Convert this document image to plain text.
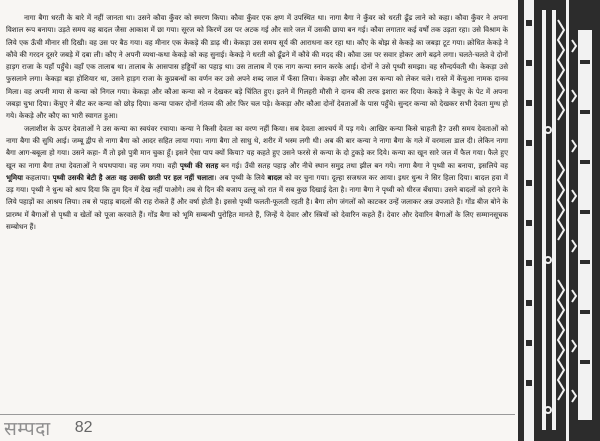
नागा बैगा धरती के बारे में नहीं जानता था। उसने कौवा कुँवर को स्मरण किया। कौवा कुँवर एक क्षण में उपस्थित था। नागा बैगा ने कुँवर को धरती ढूँढ लाने को कहा। कौवा कुँवर ने अपना विशाल रूप बनाया। उड़ते समय वह बादल जैसा आकाश में छा गया। सूरज को किरणें उस पर अटक गई और सारे जल में उसकी छाया बन गई। कौवा लगातार कई वर्षों तक उड़ता रहा। उसे विश्राम के लिये एक ऊँची मीनार सी दिखी। वह उस पर बैठ गया। वह मीनार एक केकड़े की डाढ़ थी। केकड़ा उस समय सूर्य की आराधना कर रहा था। कौए के बोझ से केकड़े का जबड़ा टूट गया। क्रोधित केकड़े ने कौवे की गरदन दूसरे जबड़े में दबा ली। कौए ने अपनी व्यथा-कथा केकड़े को कह सुनाई। केकड़े ने धरती को ढूँढने में कौवे की मदद की। कौवा उस पर सवार होकर आगे बढ़ने लगा। चलते-चलते वे दोनों हाड़ग राजा के यहाँ पहुँचे। वहाँ एक तालाब था। तालाब के आसपास हड्डियों का पहाड़ था। उस तालाब में एक नाग कन्या स्नान करके आई। दोनों ने उसे पृथ्वी समझा। वह सौन्दर्यवती थी। केकड़ा उसे फुसलाने लगा। केकड़ा बड़ा होशियार था, उसने हाड़ग राजा के कुप्रबन्धों का वर्णन कर उसे अपने शब्द जाल में फँसा लिया। केकड़ा और कौआ उस कन्या को लेकर चले। रास्ते में केंचुआ नामक दानव मिला। वह अपनी माया से कन्या को निगल गया। केकड़ा और कौआ कन्या को न देखकर बड़े चिंतित हुए। इतने में गिलहरी मौसी ने दानव की तरफ इशारा कर दिया। केकड़े ने केंचुए के पेट में अपना जबड़ा चुभा दिया। केंचुए ने बीट कर कन्या को छोड़ दिया। कन्या पाकर दोनों गंतव्य की ओर फिर चल पड़े। केकड़ा और कौआ दोनों देवताओं के पास पहुँचे। सुन्दर कन्या को देखकर सभी देवता मुग्ध हो गये। केकड़े और कौए का भारी स्वागत हुआ।

जलाशीश के ऊपर देवताओं ने उस कन्या का स्वयंवर रचाया। कन्या ने किसी देवता का वरण नहीं किया। सब देवता आश्चर्य में पड़ गये। आखिर कन्या किसे चाहती है? उसी समय देवताओं को नागा बैगा की सुधि आई। जम्बू द्वीप से नागा बैगा को आदर सहित लाया गया। नागा बैगा तो साधु थे, शरीर में भस्म लगी थी। अब की बार कन्या ने नागा बैगा के गले में वरमाला डाल दी। लेकिन नागा बैगा आग-बबूला हो गया। उसने कहा- मैं तो इसे पुत्री मान चुका हूँ। इसने ऐसा पाप क्यों किया? यह कहते हुए उसने फरसे से कन्या के दो टुकड़े कर दिये। कन्या का खून सारे जल में फैल गया। फैले हुए खून का नागा बैगा तथा देवताओं ने थपथपाया। वह जम गया। वही पृथ्वी की सतह बन गई। उँची सतह पहाड़ और नीचे स्थान समुद्र तथा झील बन गये। नागा बैगा ने पृथ्वी का बनाया, इसलिये वह भूमिया कहलाया। पृथ्वी उसकी बेटी है अतः वह उसकी छाती पर हल नहीं चलाता। अब पृथ्वी के लिये बादल को वर चुना गया। दूल्हा सजधज कर आया। इधर धुन्ध ने सिर हिला दिया। बादल हवा में उड़ गया। पृथ्वी ने धुन्ध को श्राप दिया कि तुम दिन में देख नहीं पाओगे। तब से दिन की बजाय उल्लू को रात में सब कुछ दिखाई देता है। नागा बैगा ने पृथ्वी को धीरज बँधाया। उसने बादलों को हराने के लिये पहाड़ों का आश्रय लिया। तब से पहाड़ बादलों की राह रोकते हैं और वर्षा होती है। इससे पृथ्वी फलती-फूलती रहती है। बैगा लोग जंगलों को काटकर उन्हें जलाकर अन्न उपजाते हैं। गोंड बीज बोने के प्रारम्भ में बैगाओं से पृथ्वी व खेतों को पूजा करवाते हैं। गोंड बैगा को भूमि सम्बन्धी पुरोहित मानते हैं, जिन्हें ये देवार और स्त्रियों को देवारिन कहते हैं। देवार और देवारिन बैगाओं के लिए सम्मानसूचक सम्बोधन हैं।

सम्पदा 82
